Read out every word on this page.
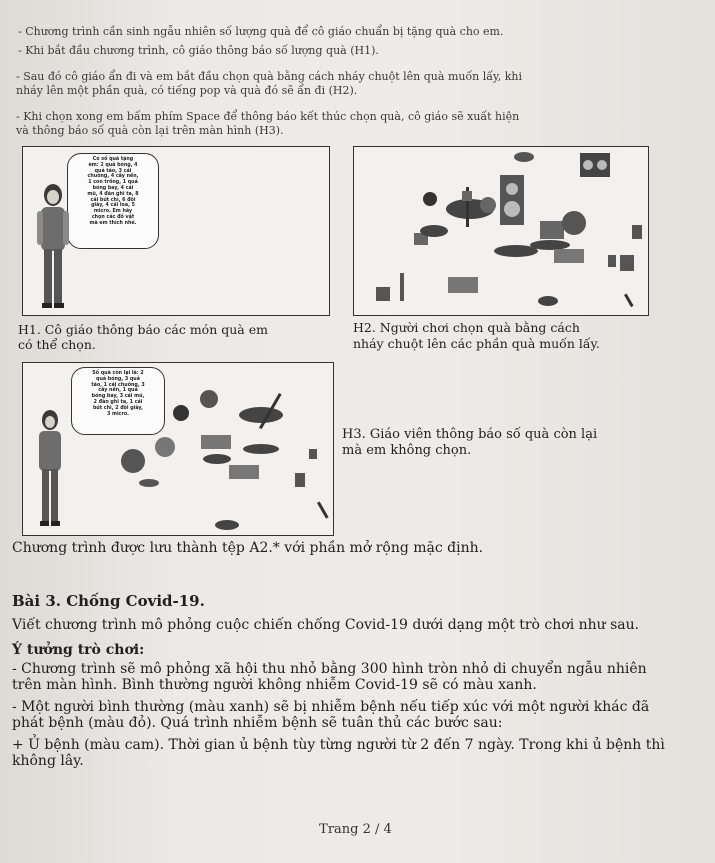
- Chương trình cần sinh ngẫu nhiên số lượng quà để cô giáo chuẩn bị tặng quà cho em.
- Khi bắt đầu chương trình, cô giáo thông báo số lượng quà (H1).
- Sau đó cô giáo ẩn đi và em bắt đầu chọn quà bằng cách nháy chuột lên quà muốn lấy, khi
nháy lên một phần quà, có tiếng pop và quà đó sẽ ẩn đi (H2).
- Khi chọn xong em bấm phím Space để thông báo kết thúc chọn quà, cô giáo sẽ xuất hiện
và thông báo số quà còn lại trên màn hình (H3).
Có số quà tặng
em: 2 quả bóng, 4
quả táo, 3 cái
chuông, 4 cây nến,
1 con trống, 1 quả
bóng bay, 4 cái
mũ, 4 đàn ghi ta, 8
cái bút chì, 6 đôi
giày, 4 cái loa, 5
micro. Em hãy
chọn các đồ vật
mà em thích nhé.
H1. Cô giáo thông báo các món quà em
có thể chọn.
H2. Người chơi chọn quà bằng cách
nháy chuột lên các phần quà muốn lấy.
Số quà còn lại là: 2
quả bóng, 3 quả
táo, 1 cái chuông, 3
cây nến, 1 quả
bóng bay, 3 cái mũ,
2 đàn ghi ta, 1 cái
bút chì, 2 đôi giày,
3 micro.
H3. Giáo viên thông báo số quà còn lại
mà em không chọn.
Chương trình được lưu thành tệp A2.* với phần mở rộng mặc định.
Bài 3. Chống Covid-19.
Viết chương trình mô phỏng cuộc chiến chống Covid-19 dưới dạng một trò chơi như sau.
Ý tưởng trò chơi:
- Chương trình sẽ mô phỏng xã hội thu nhỏ bằng 300 hình tròn nhỏ di chuyển ngẫu nhiên
trên màn hình. Bình thường người không nhiễm Covid-19 sẽ có màu xanh.
- Một người bình thường (màu xanh) sẽ bị nhiễm bệnh nếu tiếp xúc với một người khác đã
phát bệnh (màu đỏ). Quá trình nhiễm bệnh sẽ tuân thủ các bước sau:
+ Ủ bệnh (màu cam). Thời gian ủ bệnh tùy từng người từ 2 đến 7 ngày. Trong khi ủ bệnh thì
không lây.
Trang 2 / 4
